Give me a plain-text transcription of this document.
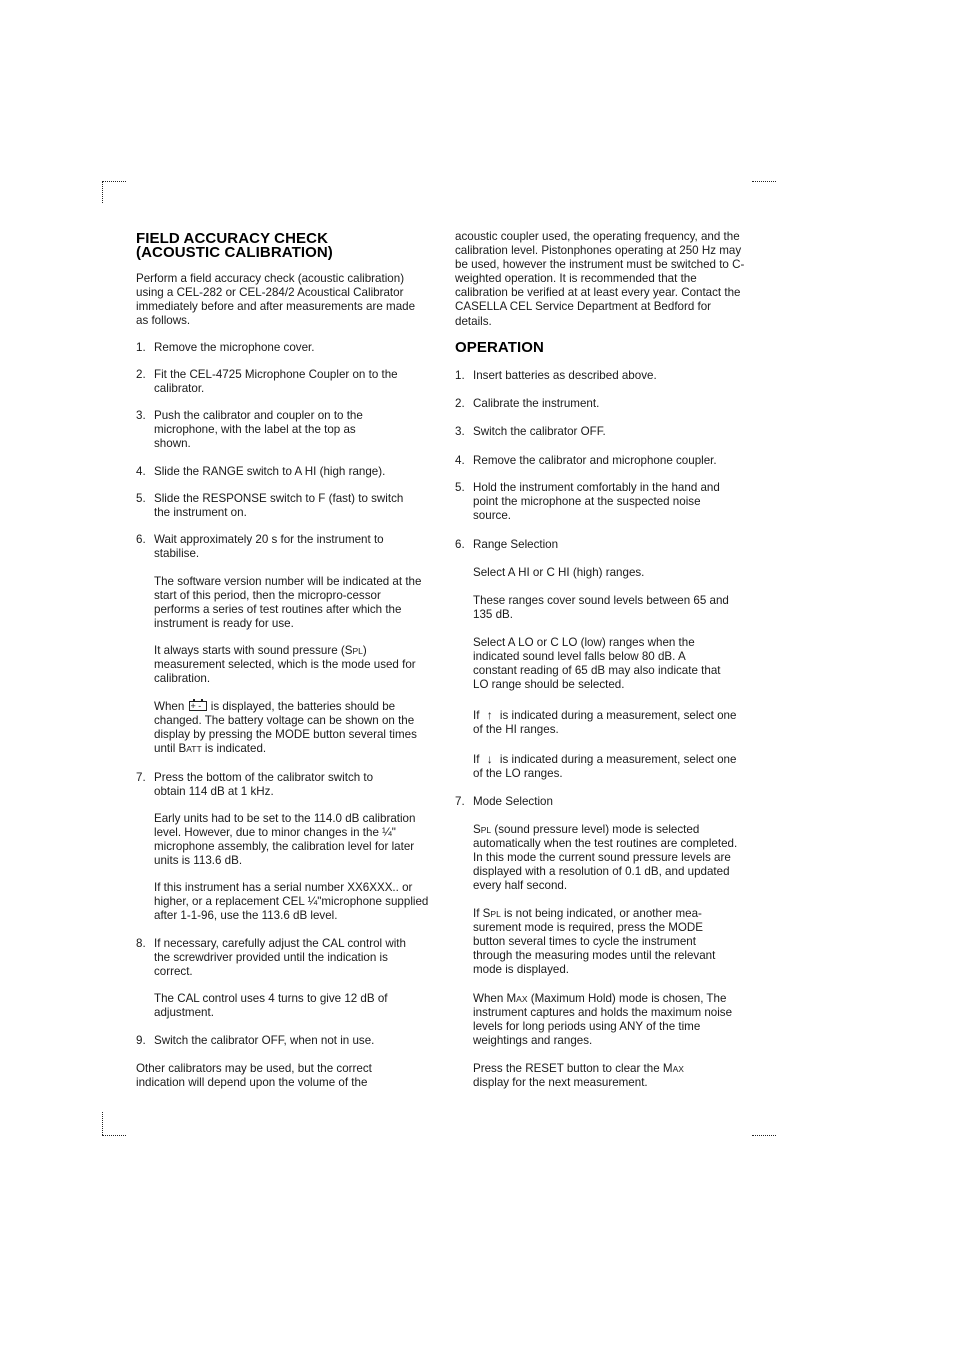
FIELD ACCURACY CHECK
(ACOUSTIC CALIBRATION)

Perform a field accuracy check (acoustic calibration) using a CEL-282 or CEL-284/2 Acoustical Calibrator immediately before and after measurements are made as follows.

1. Remove the microphone cover.
2. Fit the CEL-4725 Microphone Coupler on to the calibrator.
3. Push the calibrator and coupler on to the microphone, with the label at the top as shown.
4. Slide the RANGE switch to A HI (high range).
5. Slide the RESPONSE switch to F (fast) to switch the instrument on.
6. Wait approximately 20 s for the instrument to stabilise.

The software version number will be indicated at the start of this period, then the micropro-cessor performs a series of test routines after which the instrument is ready for use.

It always starts with sound pressure (SPL) measurement selected, which is the mode used for calibration.

When + - is displayed, the batteries should be changed. The battery voltage can be shown on the display by pressing the MODE button several times until BATT is indicated.

7. Press the bottom of the calibrator switch to obtain 114 dB at 1 kHz.

Early units had to be set to the 114.0 dB calibration level. However, due to minor changes in the ¼" microphone assembly, the calibration level for later units is 113.6 dB.

If this instrument has a serial number XX6XXX.. or higher, or a replacement CEL ¼"microphone supplied after 1-1-96, use the 113.6 dB level.

8. If necessary, carefully adjust the CAL control with the screwdriver provided until the indication is correct.

The CAL control uses 4 turns to give 12 dB of adjustment.

9. Switch the calibrator OFF, when not in use.

Other calibrators may be used, but the correct indication will depend upon the volume of the

acoustic coupler used, the operating frequency, and the calibration level. Pistonphones operating at 250 Hz may be used, however the instrument must be switched to C-weighted operation. It is recommended that the calibration be verified at at least every year. Contact the CASELLA CEL Service Department at Bedford for details.

OPERATION
1. Insert batteries as described above.
2. Calibrate the instrument.
3. Switch the calibrator OFF.
4. Remove the calibrator and microphone coupler.
5. Hold the instrument comfortably in the hand and point the microphone at the suspected noise source.
6. Range Selection

Select A HI or C HI (high) ranges.

These ranges cover sound levels between 65 and 135 dB.

Select A LO or C LO (low) ranges when the indicated sound level falls below 80 dB. A constant reading of 65 dB may also indicate that LO range should be selected.

If ↑ is indicated during a measurement, select one of the HI ranges.

If ↓ is indicated during a measurement, select one of the LO ranges.

7. Mode Selection

SPL (sound pressure level) mode is selected automatically when the test routines are completed. In this mode the current sound pressure levels are displayed with a resolution of 0.1 dB, and updated every half second.

If SPL is not being indicated, or another mea-surement mode is required, press the MODE button several times to cycle the instrument through the measuring modes until the relevant mode is displayed.

When MAX (Maximum Hold) mode is chosen, The instrument captures and holds the maximum noise levels for long periods using ANY of the time weightings and ranges.

Press the RESET button to clear the MAX display for the next measurement.
